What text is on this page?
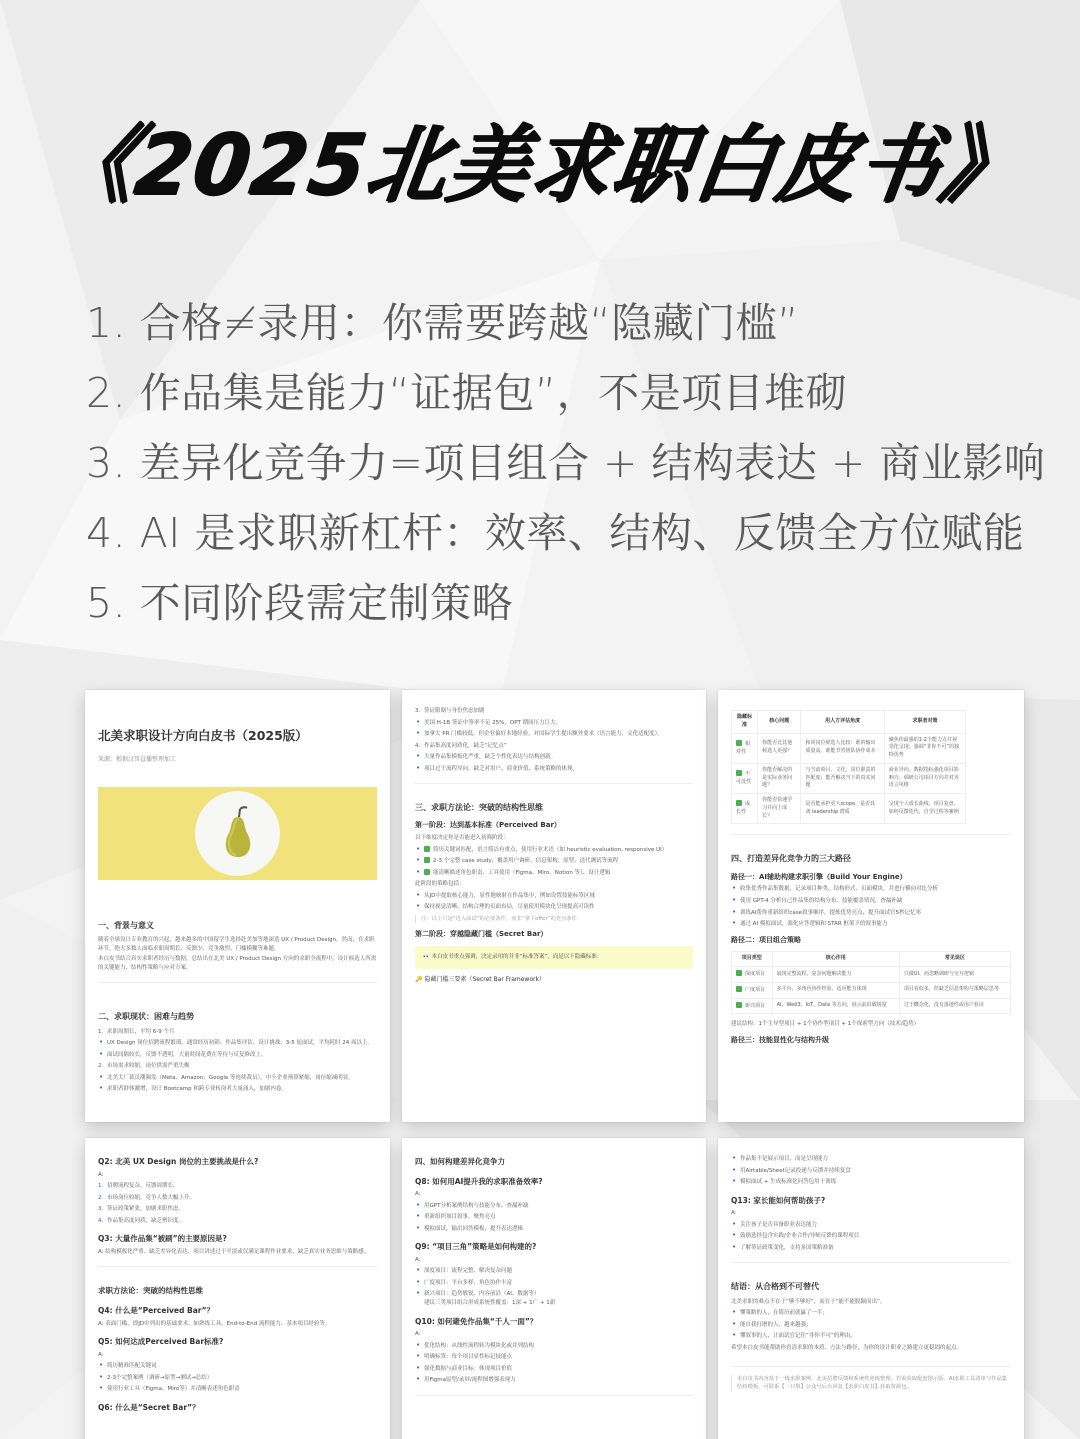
《2025北美求职白皮书》
1. 合格≠录用：你需要跨越“隐藏门槛”
2. 作品集是能力“证据包”，不是项目堆砌
3. 差异化竞争力=项目组合 + 结构表达 + 商业影响
4. AI 是求职新杠杆：效率、结构、反馈全方位赋能
5. 不同阶段需定制策略
北美求职设计方向白皮书（2025版）
来源：根据汉哥直播整理加工
一、背景与意义
随着全球设计专业教育的兴起，越来越多的中国留学生选择赴美加等地深造 UX / Product Design。然而，在求职环节，绝大多数人面临求职周期长、反馈少、竞争激烈、门槛模糊等难题。
本白皮书结合真实求职者经历与数据，总结出在北美 UX / Product Design 方向的求职全流程中，设计候选人所需的关键能力、结构性策略与应对方案。
二、求职现状：困难与趋势
1. 求职周期长，平均 6-9 个月
• UX Design 岗位招聘流程繁琐，通常经历初筛、作品集评估、设计挑战、3-5 轮面试，平均耗时 24 周以上。
• 面试间隔较长，反馈不透明，大量时间花费在等待与反复修改上。
2. 市场需求收缩，岗位供需严重失衡
• 北美大厂裁员潮频发（Meta、Amazon、Google 等连续裁员），中小企业预算紧缩，岗位缩减明显。
• 求职者群体激增，设计 Bootcamp 和跨专业转岗者大量涌入，加剧内卷。
3. 签证限制与身份焦虑加剧
• 美国 H-1B 签证中签率不足 25%，OPT 期间压力巨大。
• 加拿大 PR 门槛较低，但企业偏好本地经验，对国际学生提出额外要求（语言能力、文化适配度）。
4. 作品集高度同质化，缺乏“记忆点”
• 大量作品集模板化严重，缺乏个性化表达与结构创新。
• 项目过于流程导向，缺乏对用户、商业价值、系统策略的体现。
三、求职方法论：突破的结构性思维
第一阶段：达到基本标准（Perceived Bar）
以下维度决定你是否能进入初筛阶段：
• 简历关键词匹配，语言简洁有重点，使用行业术语（如 heuristic evaluation, responsive UI）
• 2-3 个完整 case study，覆盖用户调研、信息架构、原型、迭代测试等流程
• 能清晰描述角色职责、工具使用（Figma、Miro、Notion 等）、设计逻辑
此阶段的策略包括：
• 从JD中提取核心能力，显性地映射在作品集中，例如设置技能标签区域
• 保持视觉清晰、结构合理的页面布局，尽量使用模块化呈现提高可读性
注：以上只是“进入面试”的必要条件，而非“拿下offer”的充分条件
第二阶段：穿越隐藏门槛（Secret Bar）
👀 本白皮书重点强调，决定录用的并非“标准答案”，而是以下隐藏标准：
🔑 隐藏门槛三要素（Secret Bar Framework）
隐藏标准	核心问题	用人方评估角度	求职者对策
相对性	你能否比其他候选人更强？	和同岗位候选人比较：谁的输出质量高、谁能节省团队协作成本	聚焦你最强的1-2个能力点并视觉化呈现；强调“非你不可”的独特优势
不可没性	你能否解决的是实际业务问题？	与当前项目、文化、岗位职责的匹配度；能否解决当下的真实问题	商业导向，数据指标强化项目影响力；调研公司项目方向并对齐语言风格
成长性	你能否快速学习并向上成长？	是否能承担更大scope，是否具备 leadership 潜质	呈现个人成长曲线、项目复盘、如何反馈迭代，自学过程等案例
四、打造差异化竞争力的三大路径
路径一：AI辅助构建求职引擎（Build Your Engine）
• 收集优秀作品集数据，记录项目种类、结构形式、页面模块，并进行横向对比分析
• 使用 GPT-4 分析自己作品集的结构分布、技能覆盖情况，查漏补缺
• 训练AI帮你重新组织case叙事顺序，提炼优势亮点，提升面试官5秒记忆率
• 通过 AI 模拟面试，强化应答逻辑和 STAR 框架下的叙事能力
路径二：项目组合策略
项目类型	核心作用	常见误区
深度项目	展现完整流程、复杂问题解决能力	只做UI、而忽略调研与交互逻辑
广度项目	多平台、多角色协作经验、适应能力体现	项目看似多，但缺乏信息架构与策略层思考
新兴项目	AI、Web3、IoT、Data 等方向，展示前沿敏锐度	过于概念化，没有落地性或用户验证
建议结构：1个主导型项目 + 1个协作型项目 + 1个探索型方向（技术/趋势）
路径三：技能显性化与结构升级
Q2: 北美 UX Design 岗位的主要挑战是什么?
A:
1. 招聘流程复杂，反馈周期长。
2. 市场岗位收缩，竞争人数大幅上升。
3. 签证政策紧张，加剧求职焦虑。
4. 作品集高度同质，缺乏辨识度。
Q3: 大量作品集“被刷”的主要原因是?
A: 结构模板化严重、缺乏差异化表达、项目讲述过于平淡或仅满足课程作业要求，缺乏真实业务思维与策略感。
求职方法论：突破的结构性思维
Q4: 什么是“Perceived Bar”？
A: 表面门槛，即JD中列出的基础要求，如熟练工具、End-to-End 流程能力、基本项目经验等。
Q5: 如何达成Perceived Bar标准?
A:
• 简历精准匹配关键词
• 2-3个完整案例（调研→原型→测试→总结）
• 使用行业工具（Figma、Miro等）并清晰表述角色职责
Q6: 什么是“Secret Bar”？
四、如何构建差异化竞争力
Q8: 如何用AI提升我的求职准备效率?
A:
• 用GPT分析案例结构与技能分布，查漏补缺
• 重新组织项目叙事，聚焦亮点
• 模拟面试，输出回答模板，提升表达逻辑
Q9: “项目三角”策略是如何构建的?
A:
• 深度项目：流程完整、解决复杂问题
• 广度项目：平台多样、角色协作丰富
• 新兴项目：趋势敏锐、内容前沿（AI、数据等）
建议三类项目组合形成系统性覆盖：1深 + 1广 + 1新
Q10: 如何避免作品集“千人一面”？
A:
• 优化结构：从线性流程转为模块化或并列结构
• 明确标签：每个项目显性标记技能点
• 强化数据与商业目标：体现项目价值
• 用Figma原型/录屏/流程图增强表现力
• 作品集不是展示项目，而是呈现能力
• 用Airtable/Sheet记录投递与反馈并持续复盘
• 模拟面试 + 生成标准化问答包用于训练
Q13: 家长能如何帮助孩子?
A:
• 关注孩子是否具备职业表达能力
• 鼓励选择包含实践/企业合作/导师反馈的课程项目
• 了解签证政策变化，支持多国策略准备
结语：从合格到不可替代
北美求职的难点不在于“够不够好”，而在于“能不能脱颖而出”。
• 懂策略的人，在简历前就赢了一半；
• 能自我打磨的人，越来越强；
• 懂叙事的人，让面试官记住“非你不可”的理由。
希望本白皮书能帮助你看清求职的本质、方法与路径，为你的设计职业之路建立更稳固的起点。
本白皮书内容基于一线求职案例、北美招聘反馈和系统性逆练整理。若需获取配套图示版、AI求职工具清单与作品集结构模板，可联系【一只梨】公众号后台回复【求职白皮书】获取资源包。
